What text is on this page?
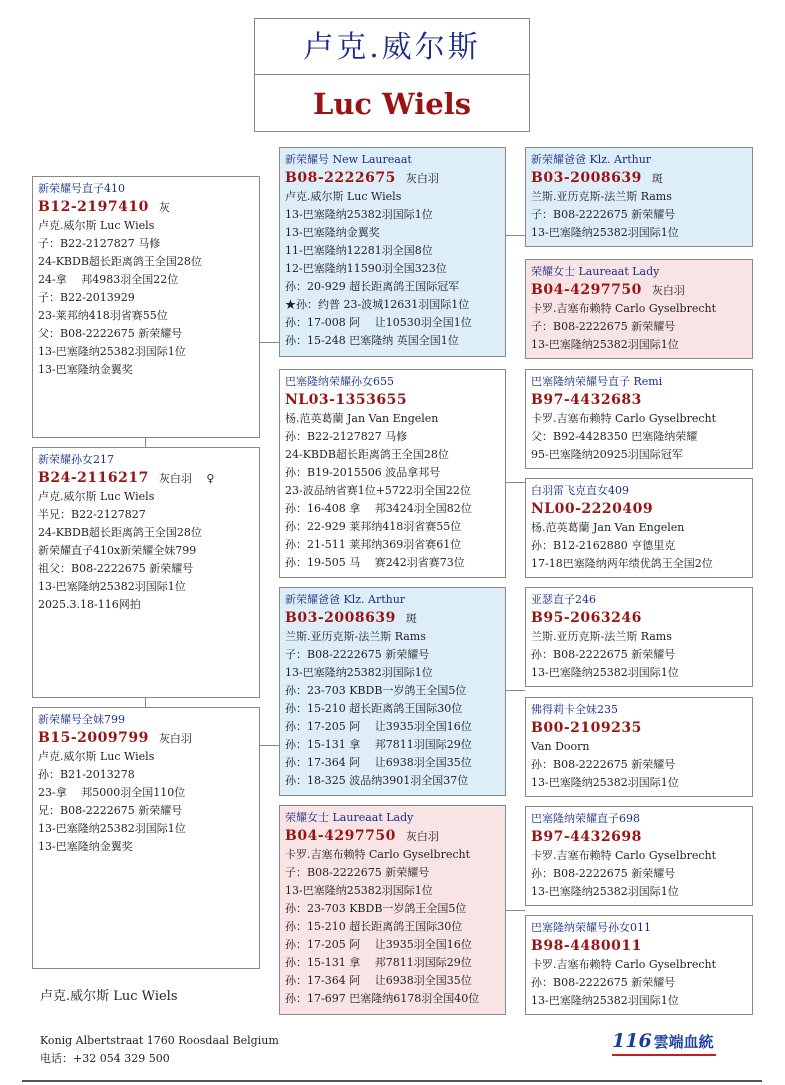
卢克.威尔斯
Luc Wiels
新荣耀号直子410
B12-2197410 灰
卢克.威尔斯 Luc Wiels
子：B22-2127827 马修
24-KBDB超长距离鸽王全国28位
24-拿　 邦4983羽全国22位
子：B22-2013929
23-莱邦纳418羽省赛55位
父：B08-2222675 新荣耀号
13-巴塞隆纳25382羽国际1位
13-巴塞隆纳金翼奖
新荣耀孙女217
B24-2116217 灰白羽　 ♀
卢克.威尔斯 Luc Wiels
半兄：B22-2127827
24-KBDB超长距离鸽王全国28位
新荣耀直子410x新荣耀全妹799
祖父：B08-2222675 新荣耀号
13-巴塞隆纳25382羽国际1位
2025.3.18-116网拍
新荣耀号全妹799
B15-2009799 灰白羽
卢克.威尔斯 Luc Wiels
孙：B21-2013278
23-拿　 邦5000羽全国110位
兄：B08-2222675 新荣耀号
13-巴塞隆纳25382羽国际1位
13-巴塞隆纳金翼奖
新荣耀号 New Laureaat
B08-2222675 灰白羽
卢克.威尔斯 Luc Wiels
13-巴塞隆纳25382羽国际1位
13-巴塞隆纳金翼奖
11-巴塞隆纳12281羽全国8位
12-巴塞隆纳11590羽全国323位
孙：20-929 超长距离鸽王国际冠军
★孙：约普 23-波城12631羽国际1位
孙：17-008 阿　 让10530羽全国1位
孙：15-248 巴塞隆纳 英国全国1位
巴塞隆纳荣耀孙女655
NL03-1353655
杨.范英葛蘭 Jan Van Engelen
孙：B22-2127827 马修
24-KBDB超长距离鸽王全国28位
孙：B19-2015506 波品拿邦号
23-波品纳省赛1位+5722羽全国22位
孙：16-408 拿　 邦3424羽全国82位
孙：22-929 莱邦纳418羽省赛55位
孙：21-511 莱邦纳369羽省赛61位
孙：19-505 马　 赛242羽省赛73位
新荣耀爸爸 Klz. Arthur
B03-2008639 斑
兰斯.亚历克斯-法兰斯 Rams
子：B08-2222675 新荣耀号
13-巴塞隆纳25382羽国际1位
孙：23-703 KBDB一岁鸽王全国5位
孙：15-210 超长距离鸽王国际30位
孙：17-205 阿　 让3935羽全国16位
孙：15-131 拿　 邦7811羽国际29位
孙：17-364 阿　 让6938羽全国35位
孙：18-325 波品纳3901羽全国37位
荣耀女士 Laureaat Lady
B04-4297750 灰白羽
卡罗.吉塞布赖特 Carlo Gyselbrecht
子：B08-2222675 新荣耀号
13-巴塞隆纳25382羽国际1位
孙：23-703 KBDB一岁鸽王全国5位
孙：15-210 超长距离鸽王国际30位
孙：17-205 阿　 让3935羽全国16位
孙：15-131 拿　 邦7811羽国际29位
孙：17-364 阿　 让6938羽全国35位
孙：17-697 巴塞隆纳6178羽全国40位
新荣耀爸爸 Klz. Arthur
B03-2008639 斑
兰斯.亚历克斯-法兰斯 Rams
子：B08-2222675 新荣耀号
13-巴塞隆纳25382羽国际1位
荣耀女士 Laureaat Lady
B04-4297750 灰白羽
卡罗.吉塞布赖特 Carlo Gyselbrecht
子：B08-2222675 新荣耀号
13-巴塞隆纳25382羽国际1位
巴塞隆纳荣耀号直子 Remi
B97-4432683
卡罗.吉塞布赖特 Carlo Gyselbrecht
父：B92-4428350 巴塞隆纳荣耀
95-巴塞隆纳20925羽国际冠军
白羽雷飞克直女409
NL00-2220409
杨.范英葛蘭 Jan Van Engelen
孙：B12-2162880 亨德里克
17-18巴塞隆纳两年绩优鸽王全国2位
亚瑟直子246
B95-2063246
兰斯.亚历克斯-法兰斯 Rams
孙：B08-2222675 新荣耀号
13-巴塞隆纳25382羽国际1位
佛得莉卡全妹235
B00-2109235
Van Doorn
孙：B08-2222675 新荣耀号
13-巴塞隆纳25382羽国际1位
巴塞隆纳荣耀直子698
B97-4432698
卡罗.吉塞布赖特 Carlo Gyselbrecht
孙：B08-2222675 新荣耀号
13-巴塞隆纳25382羽国际1位
巴塞隆纳荣耀号孙女011
B98-4480011
卡罗.吉塞布赖特 Carlo Gyselbrecht
孙：B08-2222675 新荣耀号
13-巴塞隆纳25382羽国际1位
卢克.威尔斯 Luc Wiels
Konig Albertstraat 1760 Roosdaal Belgium
电话：+32 054 329 500
116 雲端血統
